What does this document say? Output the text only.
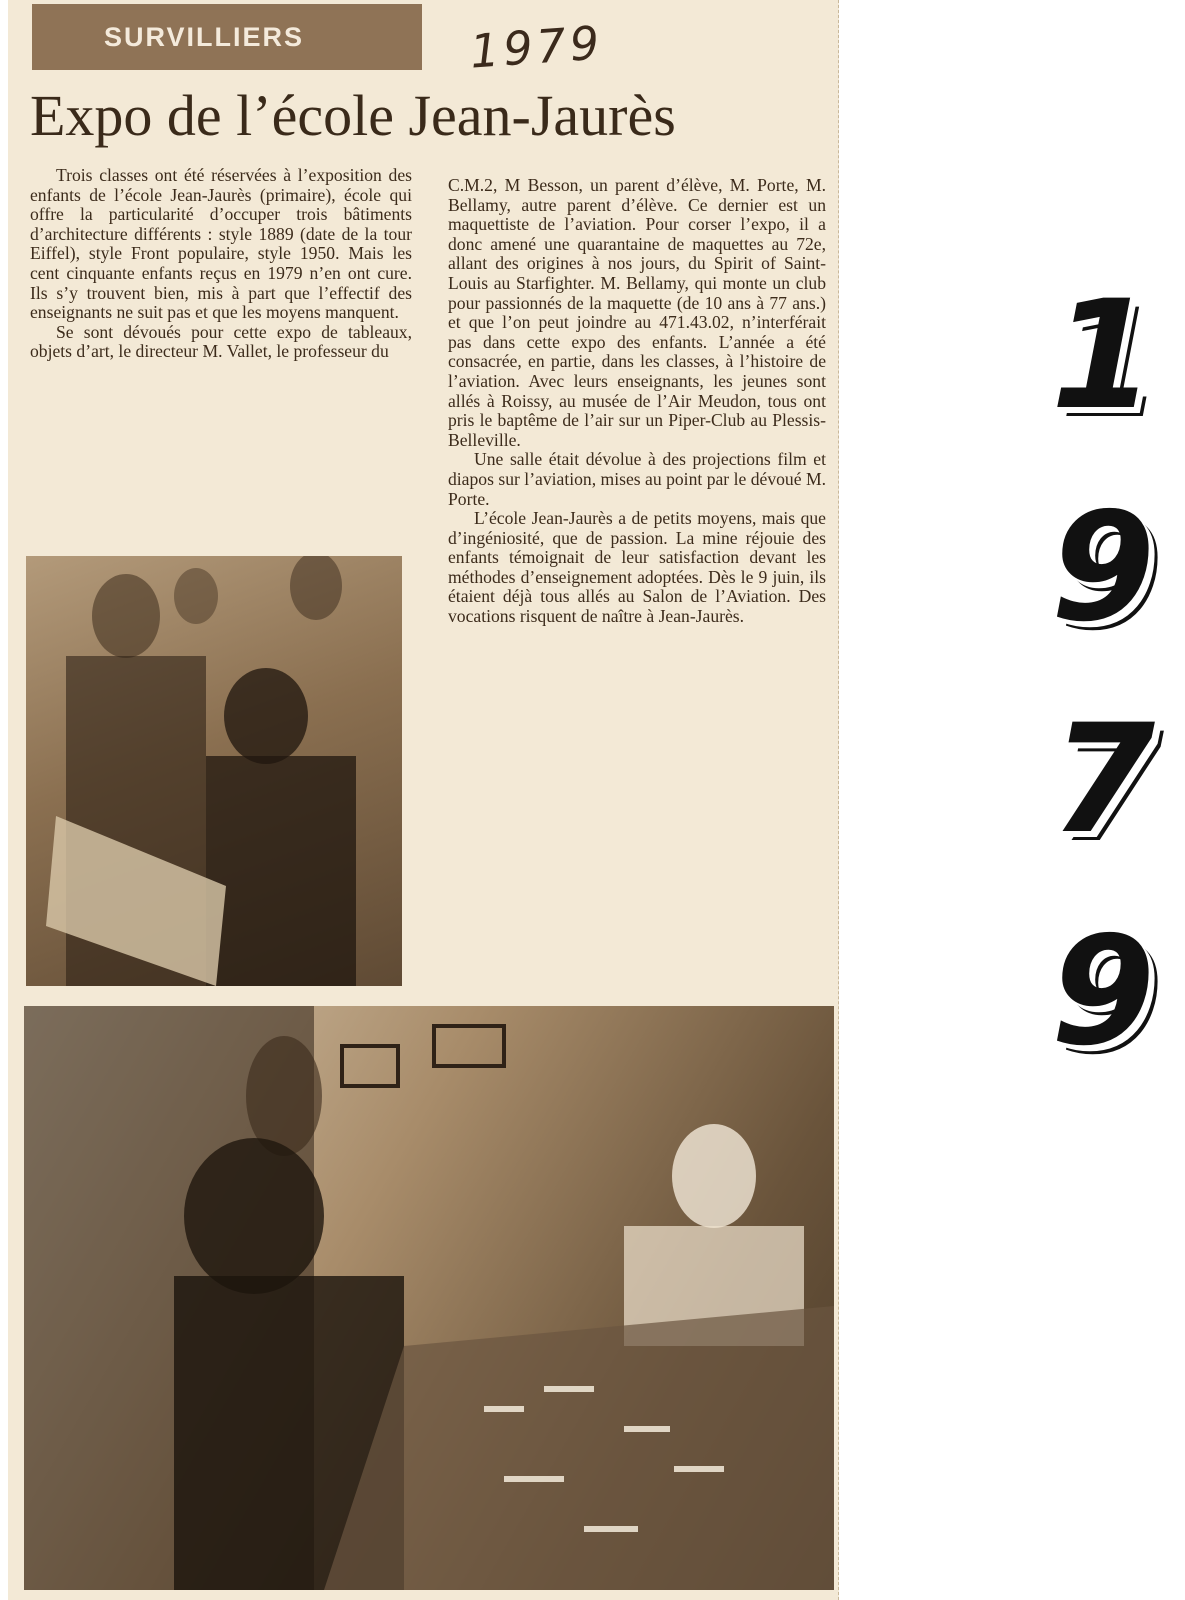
SURVILLIERS	1979
Expo de l’école Jean-Jaurès

Trois classes ont été réservées à l’exposition des enfants de l’école Jean-Jaurès (primaire), école qui offre la particularité d’occuper trois bâtiments d’architecture différents : style 1889 (date de la tour Eiffel), style Front populaire, style 1950. Mais les cent cinquante enfants reçus en 1979 n’en ont cure. Ils s’y trouvent bien, mis à part que l’effectif des enseignants ne suit pas et que les moyens manquent.

Se sont dévoués pour cette expo de tableaux, objets d’art, le directeur M. Vallet, le professeur du

C.M.2, M Besson, un parent d’élève, M. Porte, M. Bellamy, autre parent d’élève. Ce dernier est un maquettiste de l’aviation. Pour corser l’expo, il a donc amené une quarantaine de maquettes au 72e, allant des origines à nos jours, du Spirit of Saint-Louis au Starfighter. M. Bellamy, qui monte un club pour passionnés de la maquette (de 10 ans à 77 ans.) et que l’on peut joindre au 471.43.02, n’interférait pas dans cette expo des enfants. L’année a été consacrée, en partie, dans les classes, à l’histoire de l’aviation. Avec leurs enseignants, les jeunes sont allés à Roissy, au musée de l’Air Meudon, tous ont pris le baptême de l’air sur un Piper-Club au Plessis-Belleville.

Une salle était dévolue à des projections film et diapos sur l’aviation, mises au point par le dévoué M. Porte.

L’école Jean-Jaurès a de petits moyens, mais que d’ingéniosité, que de passion. La mine réjouie des enfants témoignait de leur satisfaction devant les méthodes d’enseignement adoptées. Dès le 9 juin, ils étaient déjà tous allés au Salon de l’Aviation. Des vocations risquent de naître à Jean-Jaurès.

1
9
7
9
